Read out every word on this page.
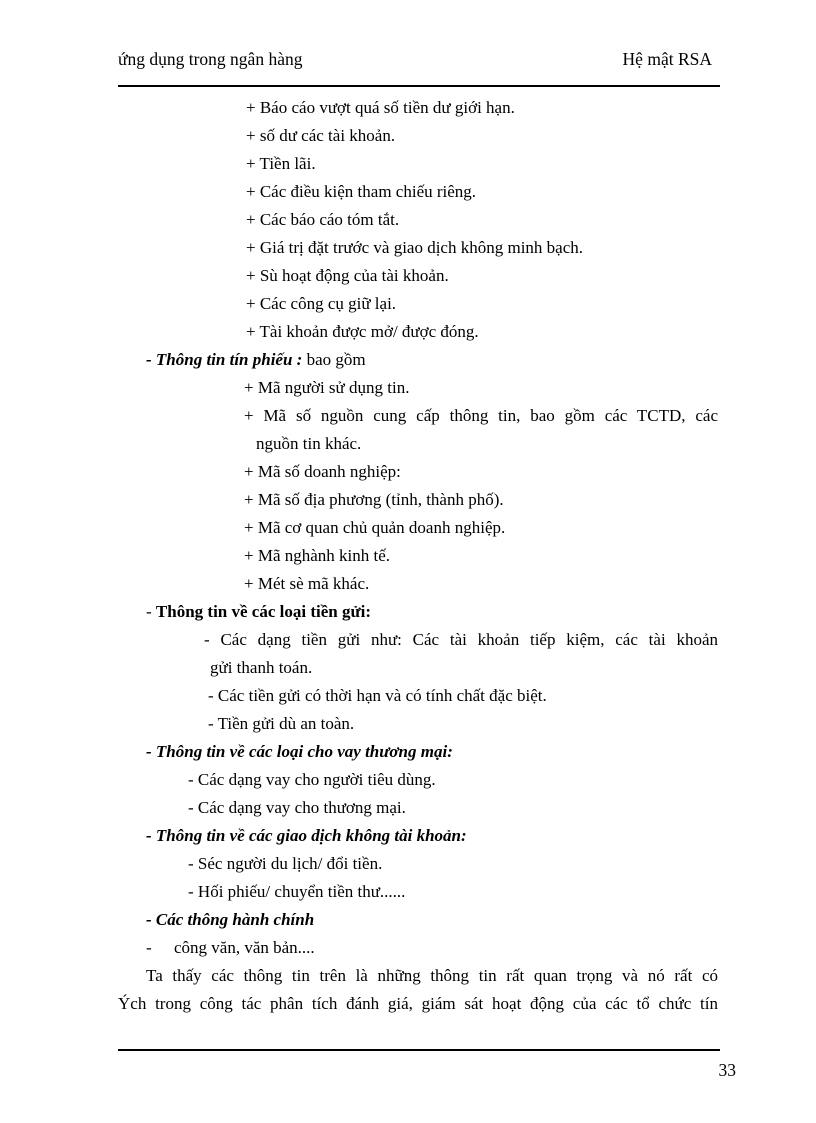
ứng dụng trong ngân hàng	Hệ mật RSA
+ Báo cáo vượt quá số tiền dư giới hạn.
+ số dư các tài khoản.
+ Tiền lãi.
+ Các điều kiện tham chiếu riêng.
+ Các báo cáo tóm tắt.
+ Giá trị đặt trước và giao dịch không minh bạch.
+ Sù hoạt động của tài khoản.
+ Các công cụ giữ lại.
+ Tài khoản được mở/ được đóng.
- Thông tin tín phiếu : bao gồm
+ Mã người sử dụng tin.
+ Mã số nguồn cung cấp thông tin, bao gồm các TCTD, các
nguồn tin khác.
+ Mã số doanh nghiệp:
+ Mã số địa phương (tỉnh, thành phố).
+ Mã cơ quan chủ quản doanh nghiệp.
+ Mã nghành kinh tế.
+ Mét sè mã khác.
- Thông tin về các loại tiền gửi:
- Các dạng tiền gửi như: Các tài khoản tiếp kiệm, các tài khoản
gửi thanh toán.
- Các tiền gửi có thời hạn và có tính chất đặc biệt.
- Tiền gửi dù an toàn.
- Thông tin về các loại cho vay thương mại:
- Các dạng vay cho người tiêu dùng.
- Các dạng vay cho thương mại.
- Thông tin về các giao dịch không tài khoản:
- Séc người du lịch/ đổi tiền.
- Hối phiếu/ chuyển tiền thư......
- Các thông hành chính
- công văn, văn bản....
Ta thấy các thông tin trên là những thông tin rất quan trọng và nó rất có
Ých trong công tác phân tích đánh giá, giám sát hoạt động của các tổ chức tín
33
